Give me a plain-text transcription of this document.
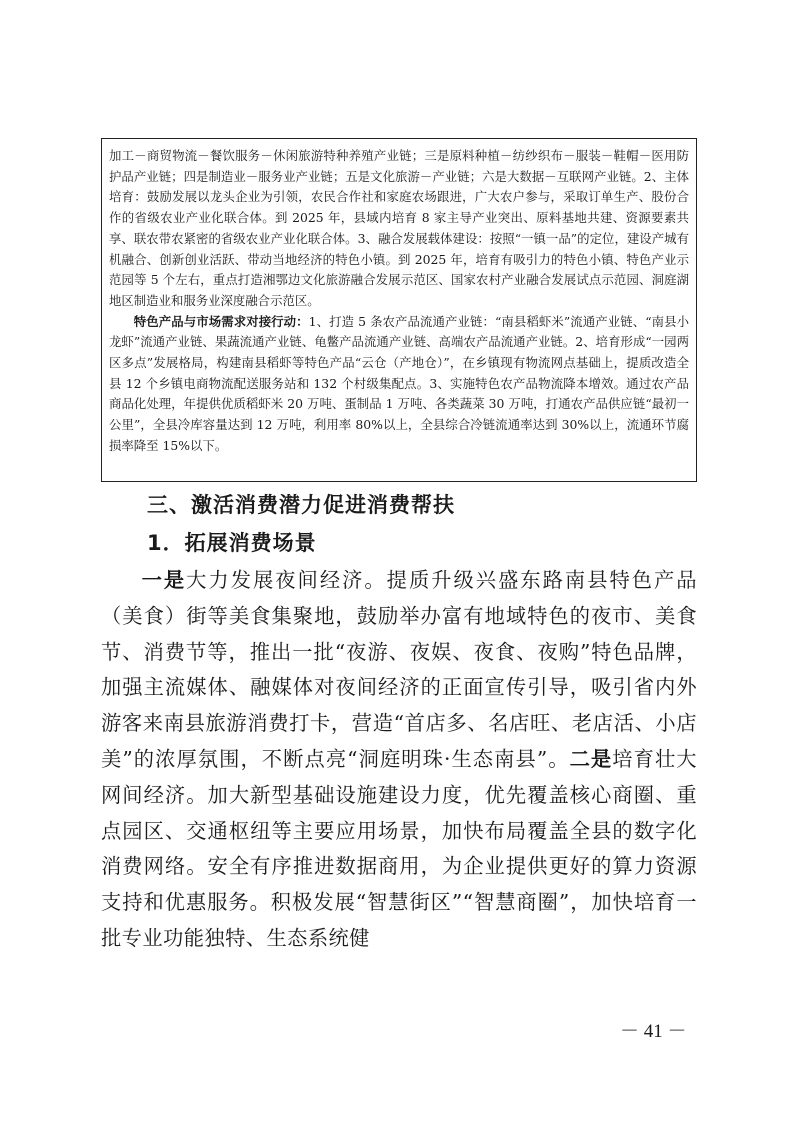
加工－商贸物流－餐饮服务－休闲旅游特种养殖产业链；三是原料种植－纺纱织布－服装－鞋帽－医用防护品产业链；四是制造业－服务业产业链；五是文化旅游－产业链；六是大数据－互联网产业链。2、主体培育：鼓励发展以龙头企业为引领，农民合作社和家庭农场跟进，广大农户参与，采取订单生产、股份合作的省级农业产业化联合体。到 2025 年，县域内培育 8 家主导产业突出、原料基地共建、资源要素共享、联农带农紧密的省级农业产业化联合体。3、融合发展载体建设：按照“一镇一品”的定位，建设产城有机融合、创新创业活跃、带动当地经济的特色小镇。到 2025 年，培育有吸引力的特色小镇、特色产业示范园等 5 个左右，重点打造湘鄂边文化旅游融合发展示范区、国家农村产业融合发展试点示范园、洞庭湖地区制造业和服务业深度融合示范区。

特色产品与市场需求对接行动：1、打造 5 条农产品流通产业链：“南县稻虾米”流通产业链、“南县小龙虾”流通产业链、果蔬流通产业链、龟鳖产品流通产业链、高端农产品流通产业链。2、培育形成“一园两区多点”发展格局，构建南县稻虾等特色产品“云仓（产地仓）”，在乡镇现有物流网点基础上，提质改造全县 12 个乡镇电商物流配送服务站和 132 个村级集配点。3、实施特色农产品物流降本增效。通过农产品商品化处理，年提供优质稻虾米 20 万吨、蛋制品 1 万吨、各类蔬菜 30 万吨，打通农产品供应链“最初一公里”，全县冷库容量达到 12 万吨，利用率 80%以上，全县综合冷链流通率达到 30%以上，流通环节腐损率降至 15%以下。

三、激活消费潜力促进消费帮扶
1．拓展消费场景

一是大力发展夜间经济。提质升级兴盛东路南县特色产品（美食）街等美食集聚地，鼓励举办富有地域特色的夜市、美食节、消费节等，推出一批“夜游、夜娱、夜食、夜购”特色品牌，加强主流媒体、融媒体对夜间经济的正面宣传引导，吸引省内外游客来南县旅游消费打卡，营造“首店多、名店旺、老店活、小店美”的浓厚氛围，不断点亮“洞庭明珠·生态南县”。二是培育壮大网间经济。加大新型基础设施建设力度，优先覆盖核心商圈、重点园区、交通枢纽等主要应用场景，加快布局覆盖全县的数字化消费网络。安全有序推进数据商用，为企业提供更好的算力资源支持和优惠服务。积极发展“智慧街区”“智慧商圈”，加快培育一批专业功能独特、生态系统健

－ 41 －
